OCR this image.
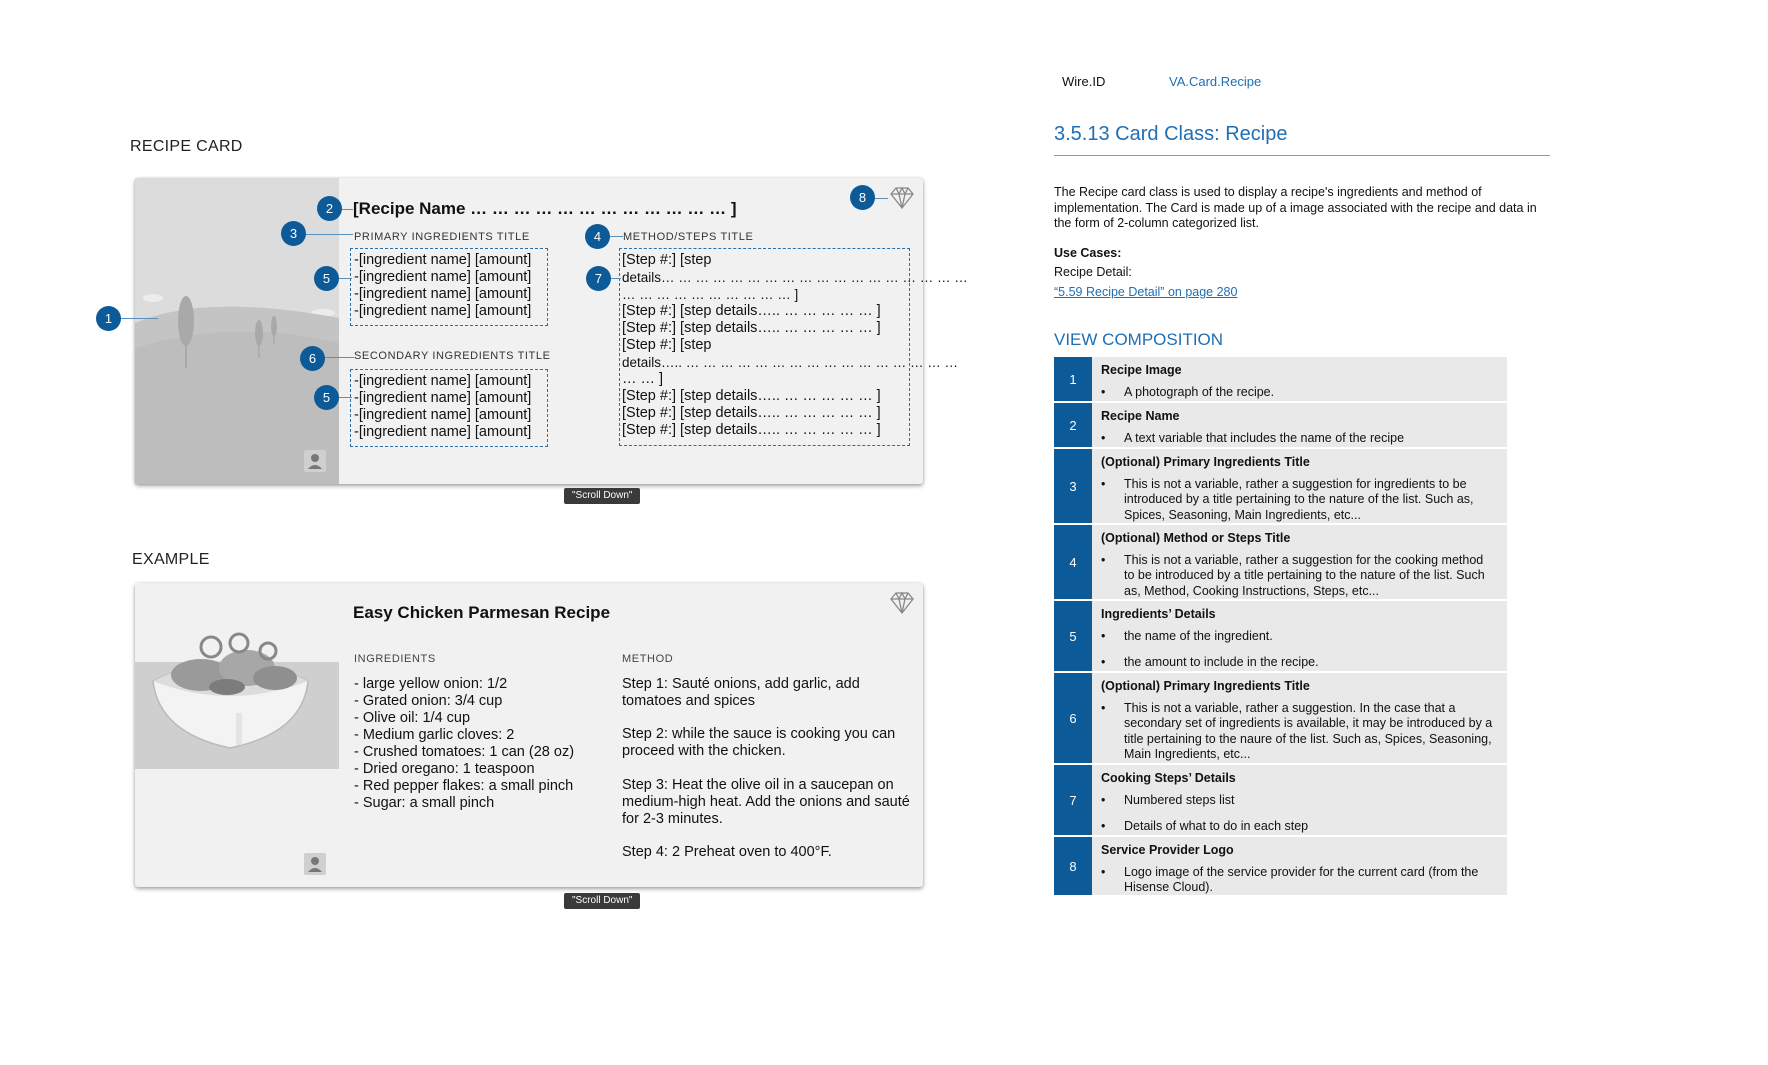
RECIPE CARD
[Recipe Name … … … … … … … … … … … … ]
PRIMARY INGREDIENTS TITLE
SECONDARY INGREDIENTS TITLE
METHOD/STEPS TITLE
-[ingredient name] [amount]
-[ingredient name] [amount]
-[ingredient name] [amount]
-[ingredient name] [amount]
-[ingredient name] [amount]
-[ingredient name] [amount]
-[ingredient name] [amount]
-[ingredient name] [amount]
[Step #:] [step
details… … … … … … … … … … … … … … … … … …
… … … … … … … … … … ]
[Step #:] [step details….. … … … … … ]
[Step #:] [step details….. … … … … … ]
[Step #:] [step
details….. … … … … … … … … … … … … … … … …
… … ]
[Step #:] [step details….. … … … … … ]
[Step #:] [step details….. … … … … … ]
[Step #:] [step details….. … … … … … ]
1
2
3	4
5
6
5
7
8
"Scroll Down"
EXAMPLE
Easy Chicken Parmesan Recipe
INGREDIENTS	METHOD
- large yellow onion: 1/2
- Grated onion: 3/4 cup
- Olive oil: 1/4 cup
- Medium garlic cloves: 2
- Crushed tomatoes: 1 can (28 oz)
- Dried oregano: 1 teaspoon
- Red pepper flakes: a small pinch
- Sugar: a small pinch
Step 1: Sauté onions, add garlic, add
tomatoes and spices
Step 2: while the sauce is cooking you can
proceed with the chicken.
Step 3: Heat the olive oil in a saucepan on
medium-high heat. Add the onions and sauté
for 2-3 minutes.
Step 4: 2 Preheat oven to 400°F.
"Scroll Down"
Wire.ID	VA.Card.Recipe
3.5.13 Card Class: Recipe
The Recipe card class is used to display a recipe's ingredients and method of
implementation. The Card is made up of a image associated with the recipe and data in
the form of 2-column categorized list.
Use Cases:
Recipe Detail:
“5.59 Recipe Detail” on page 280
VIEW COMPOSITION
1
Recipe Image
•	A photograph of the recipe.
2
Recipe Name
•	A text variable that includes the name of the recipe
3
(Optional) Primary Ingredients Title
•	This is not a variable, rather a suggestion for ingredients to be introduced by a title pertaining to the nature of the list. Such as, Spices, Seasoning, Main Ingredients, etc...
4
(Optional) Method or Steps Title
•	This is not a variable, rather a suggestion for the cooking method to be introduced by a title pertaining to the nature of the list. Such as, Method, Cooking Instructions, Steps, etc...
5
Ingredients’ Details
•	the name of the ingredient.
•	the amount to include in the recipe.
6
(Optional) Primary Ingredients Title
•	This is not a variable, rather a suggestion. In the case that a secondary set of ingredients is available, it may be introduced by a title pertaining to the naure of the list. Such as, Spices, Seasoning, Main Ingredients, etc...
7
Cooking Steps’ Details
•	Numbered steps list
•	Details of what to do in each step
8
Service Provider Logo
•	Logo image of the service provider for the current card (from the Hisense Cloud).
